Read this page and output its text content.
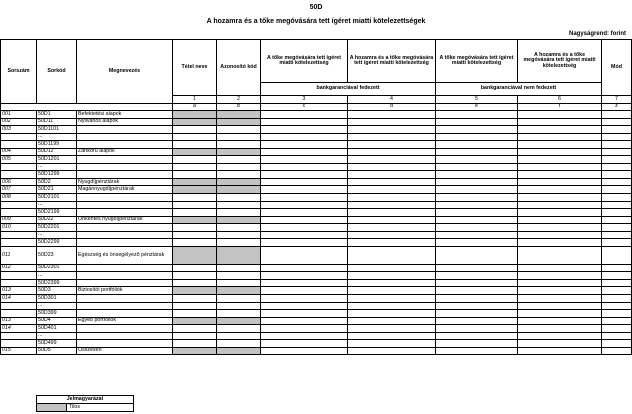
50D
A hozamra és a tőke megóvására tett ígéret miatti kötelezettségek
Nagyságrend: forint
Sorszám	Sorkód	Megnevezés	Tétel neve	Azonosító kód	A tőke megóvására tett ígéret miatti kötelezettség	A hozamra és a tőke megóvására tett ígéret miatti kötelezettség	A tőke megóvására tett ígéret miatti kötelezettség	A hozamra és a tőke megóvására tett ígéret miatti kötelezettség	Mód
					bankgaranciával fedezett		bankgaranciával nem fedezett		
			1	2	3	4	5	6	7
			a	b	c	d	e	f	z
001	50D1	Befektetési alapok							
002	50D11	Nyilvános alapok							
003	50D1101								
	...								
	50D1199								
004	50D12	Zártkörű alapok							
005	50D1201								
	...								
	50D1299								
006	50D2	Nyugdíjpénztárak							
007	50D21	Magánnyugdíjpénztárak							
008	50D2101								
	...								
	50D2199								
009	50D22	Önkéntes nyugdíjpénztárak							
010	50D2201								
	...								
	50D2299								
011	50D23	Egészség és önsegélyező pénztárak							
012	50D2301								
	...								
	50D2399								
013	50D3	Biztosítói portfóliók							
014	50D301								
	...								
	50D399								
013	50D4	Egyéb portfóliók							
014	50D401								
	...								
	50D499								
015	50D5	Összesen							
Jelmagyarázat
	Tilos
